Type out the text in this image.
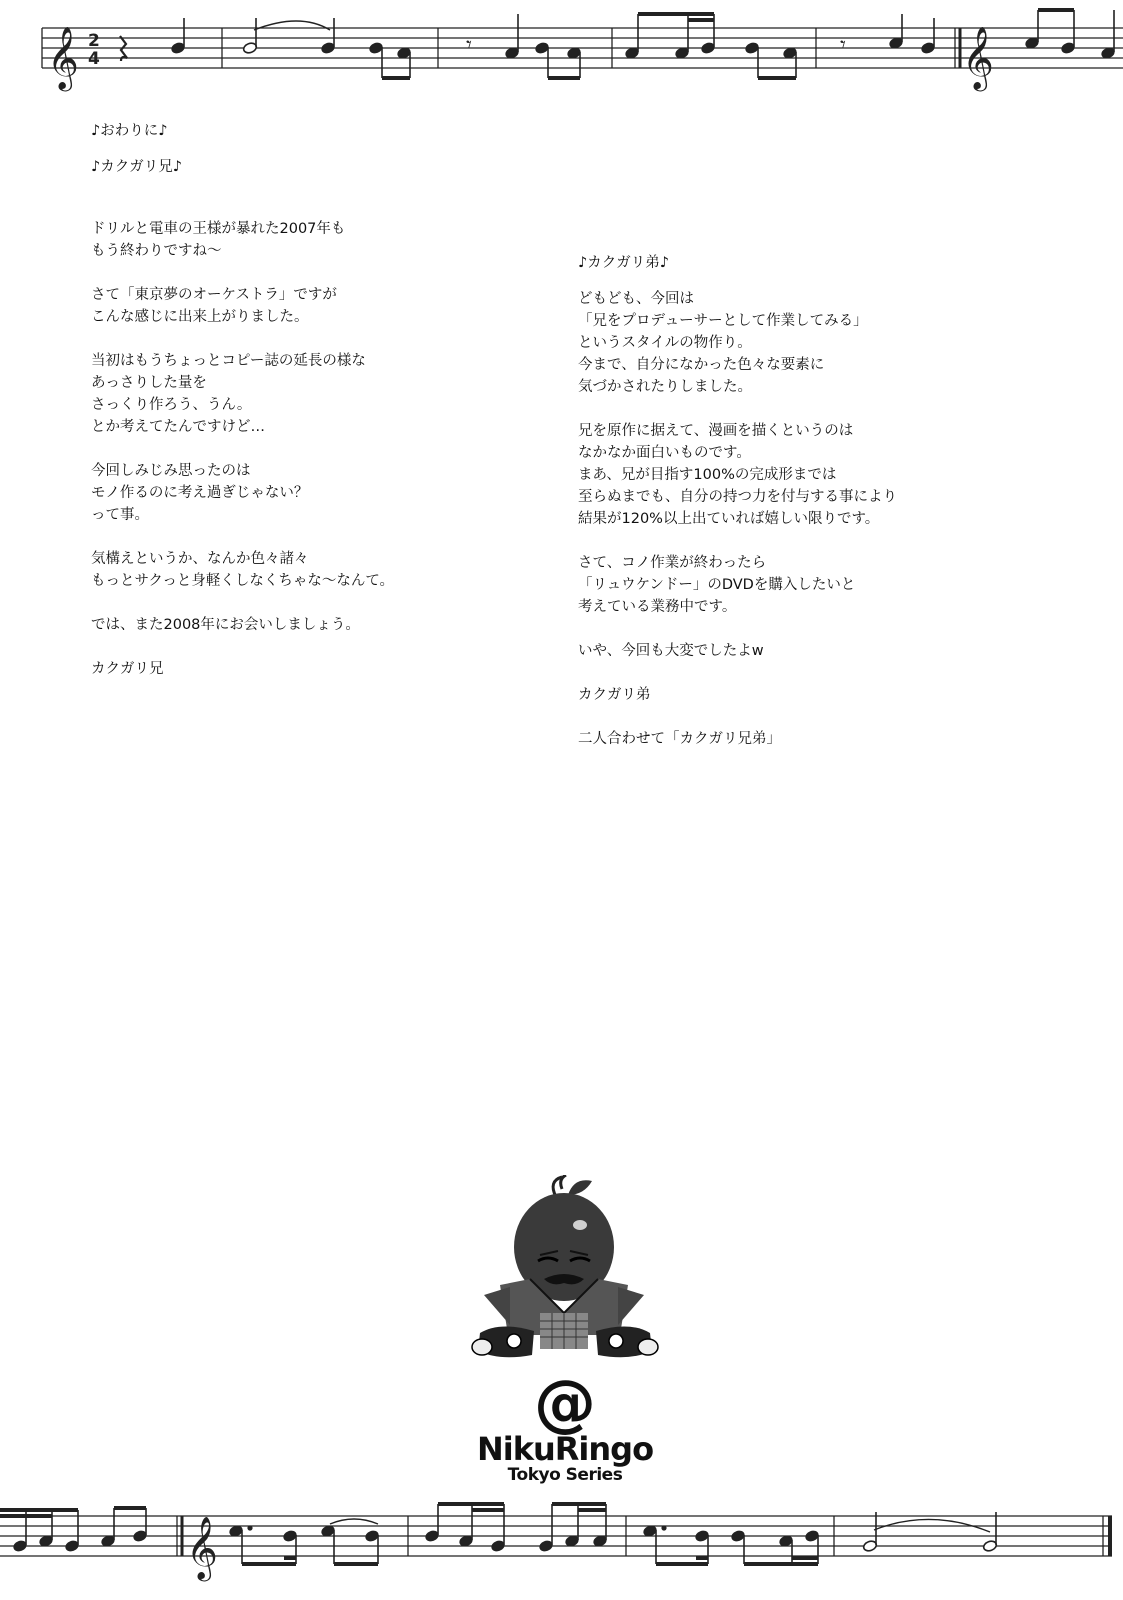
𝄞	𝄞
2
4
𝄾	𝄾

♪おわりに♪

♪カクガリ兄♪

ドリルと電車の王様が暴れた2007年も
もう終わりですね～

さて「東京夢のオーケストラ」ですが
こんな感じに出来上がりました。

当初はもうちょっとコピー誌の延長の様な
あっさりした量を
さっくり作ろう、うん。
とか考えてたんですけど…

今回しみじみ思ったのは
モノ作るのに考え過ぎじゃない？
って事。

気構えというか、なんか色々諸々
もっとサクっと身軽くしなくちゃな～なんて。

では、また2008年にお会いしましょう。

カクガリ兄

♪カクガリ弟♪

どもども、今回は
「兄をプロデューサーとして作業してみる」
というスタイルの物作り。
今まで、自分になかった色々な要素に
気づかされたりしました。

兄を原作に据えて、漫画を描くというのは
なかなか面白いものです。
まあ、兄が目指す100%の完成形までは
至らぬまでも、自分の持つ力を付与する事により
結果が120%以上出ていれば嬉しい限りです。

さて、コノ作業が終わったら
「リュウケンドー」のDVDを購入したいと
考えている業務中です。

いや、今回も大変でしたよw

カクガリ弟

二人合わせて「カクガリ兄弟」

@
NikuRingo
Tokyo Series
𝄞
